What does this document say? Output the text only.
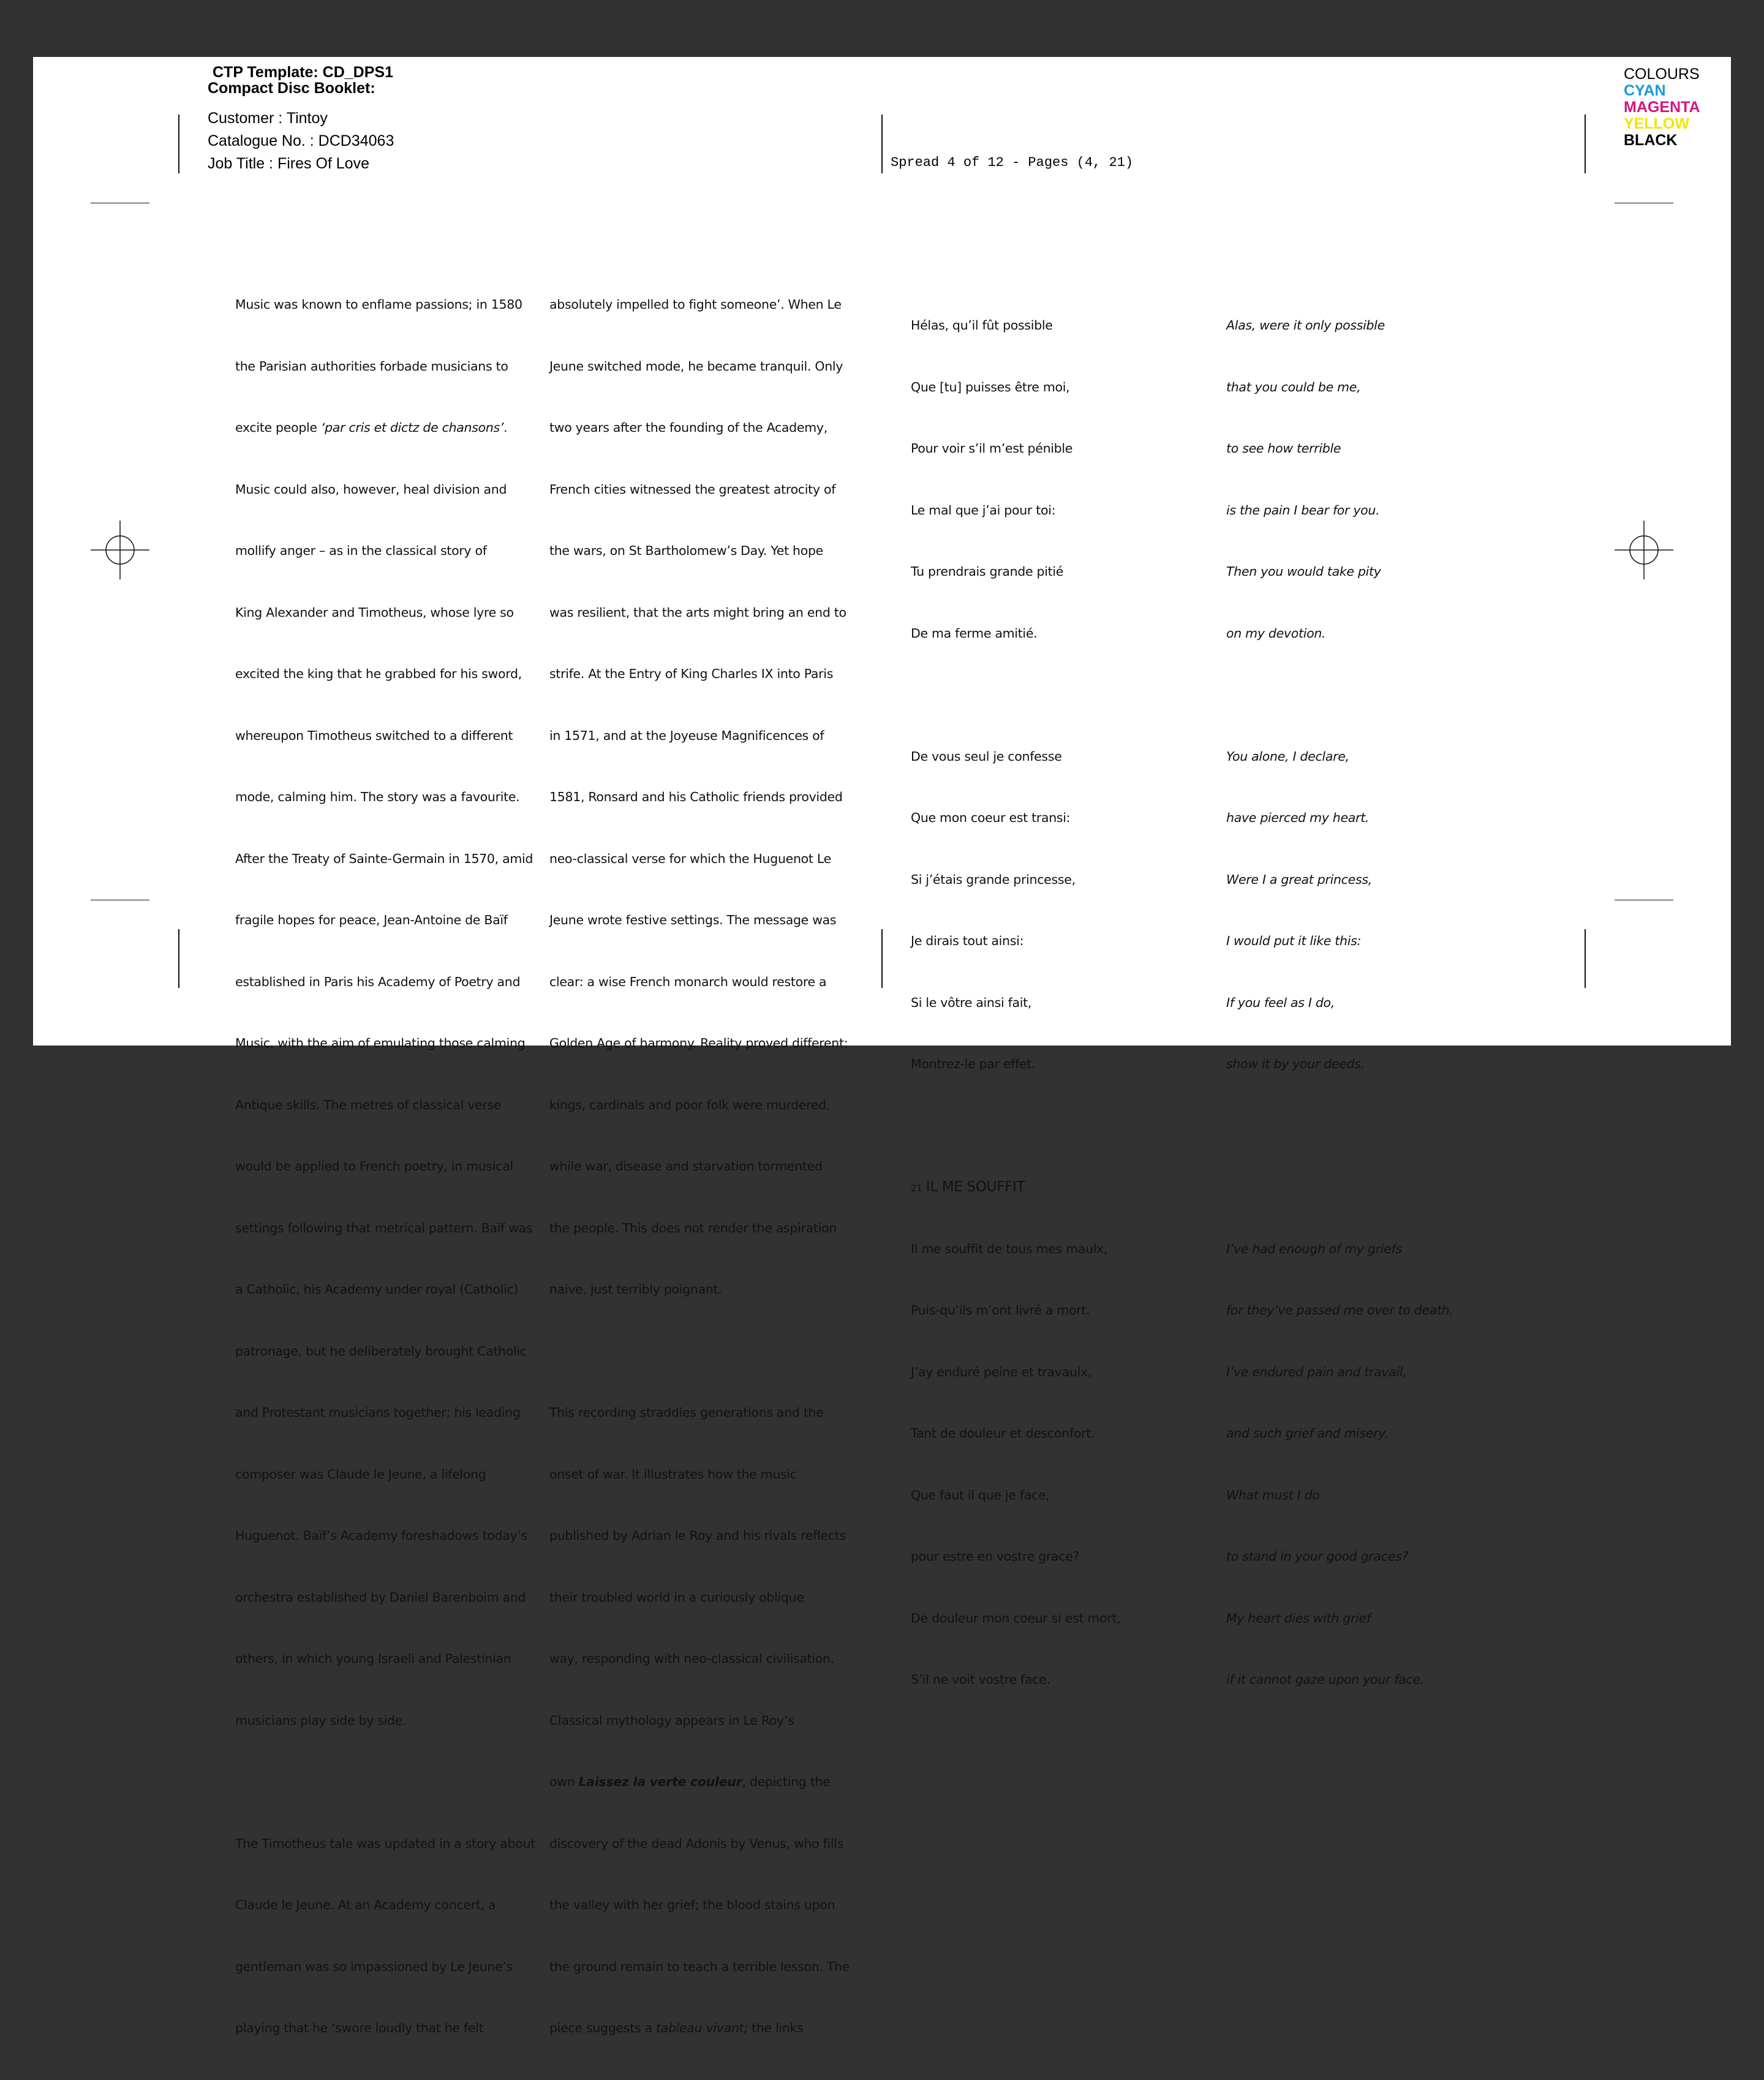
CTP Template: CD_DPS1
Compact Disc Booklet:
Customer : Tintoy
Catalogue No. : DCD34063
Job Title : Fires Of Love	Spread 4 of 12 - Pages (4, 21)
COLOURS
CYAN
MAGENTA
YELLOW
BLACK

Music was known to enflame passions; in 1580

the Parisian authorities forbade musicians to

excite people ‘par cris et dictz de chansons’.

Music could also, however, heal division and

mollify anger – as in the classical story of

King Alexander and Timotheus, whose lyre so

excited the king that he grabbed for his sword,

whereupon Timotheus switched to a different

mode, calming him. The story was a favourite.

After the Treaty of Sainte-Germain in 1570, amid

fragile hopes for peace, Jean-Antoine de Baïf

established in Paris his Academy of Poetry and

Music, with the aim of emulating those calming

Antique skills. The metres of classical verse

would be applied to French poetry, in musical

settings following that metrical pattern. Baïf was

a Catholic, his Academy under royal (Catholic)

patronage, but he deliberately brought Catholic

and Protestant musicians together; his leading

composer was Claude le Jeune, a lifelong

Huguenot. Baïf’s Academy foreshadows today’s

orchestra established by Daniel Barenboim and

others, in which young Israeli and Palestinian

musicians play side by side.

The Timotheus tale was updated in a story about

Claude le Jeune. At an Academy concert, a

gentleman was so impassioned by Le Jeune’s

playing that he ‘swore loudly that he felt

absolutely impelled to fight someone’. When Le

Jeune switched mode, he became tranquil. Only

two years after the founding of the Academy,

French cities witnessed the greatest atrocity of

the wars, on St Bartholomew’s Day. Yet hope

was resilient, that the arts might bring an end to

strife. At the Entry of King Charles IX into Paris

in 1571, and at the Joyeuse Magnificences of

1581, Ronsard and his Catholic friends provided

neo-classical verse for which the Huguenot Le

Jeune wrote festive settings. The message was

clear: a wise French monarch would restore a

Golden Age of harmony. Reality proved different;

kings, cardinals and poor folk were murdered,

while war, disease and starvation tormented

the people. This does not render the aspiration

naive, just terribly poignant.

This recording straddles generations and the

onset of war. It illustrates how the music

published by Adrian le Roy and his rivals reflects

their troubled world in a curiously oblique

way, responding with neo-classical civilisation.

Classical mythology appears in Le Roy’s

own Laissez la verte couleur, depicting the

discovery of the dead Adonis by Venus, who fills

the valley with her grief; the blood stains upon

the ground remain to teach a terrible lesson. The

piece suggests a tableau vivant; the links

Hélas, qu’il fût possible

Que [tu] puisses être moi,

Pour voir s’il m’est pénible

Le mal que j’ai pour toi:

Tu prendrais grande pitié

De ma ferme amitié.

De vous seul je confesse

Que mon coeur est transi:

Si j’étais grande princesse,

Je dirais tout ainsi:

Si le vôtre ainsi fait,

Montrez-le par effet.

21 IL ME SOUFFIT

Il me souffit de tous mes maulx,

Puis-qu’ils m’ont livré a mort.

J’ay enduré peine et travaulx,

Tant de douleur et desconfort.

Que faut il que je face,

pour estre en vostre grace?

De douleur mon coeur si est mort,

S’il ne voit vostre face.

Alas, were it only possible

that you could be me,

to see how terrible

is the pain I bear for you.

Then you would take pity

on my devotion.

You alone, I declare,

have pierced my heart.

Were I a great princess,

I would put it like this:

If you feel as I do,

show it by your deeds.

I’ve had enough of my griefs

for they’ve passed me over to death.

I’ve endured pain and travail,

and such grief and misery.

What must I do

to stand in your good graces?

My heart dies with grief

if it cannot gaze upon your face.
